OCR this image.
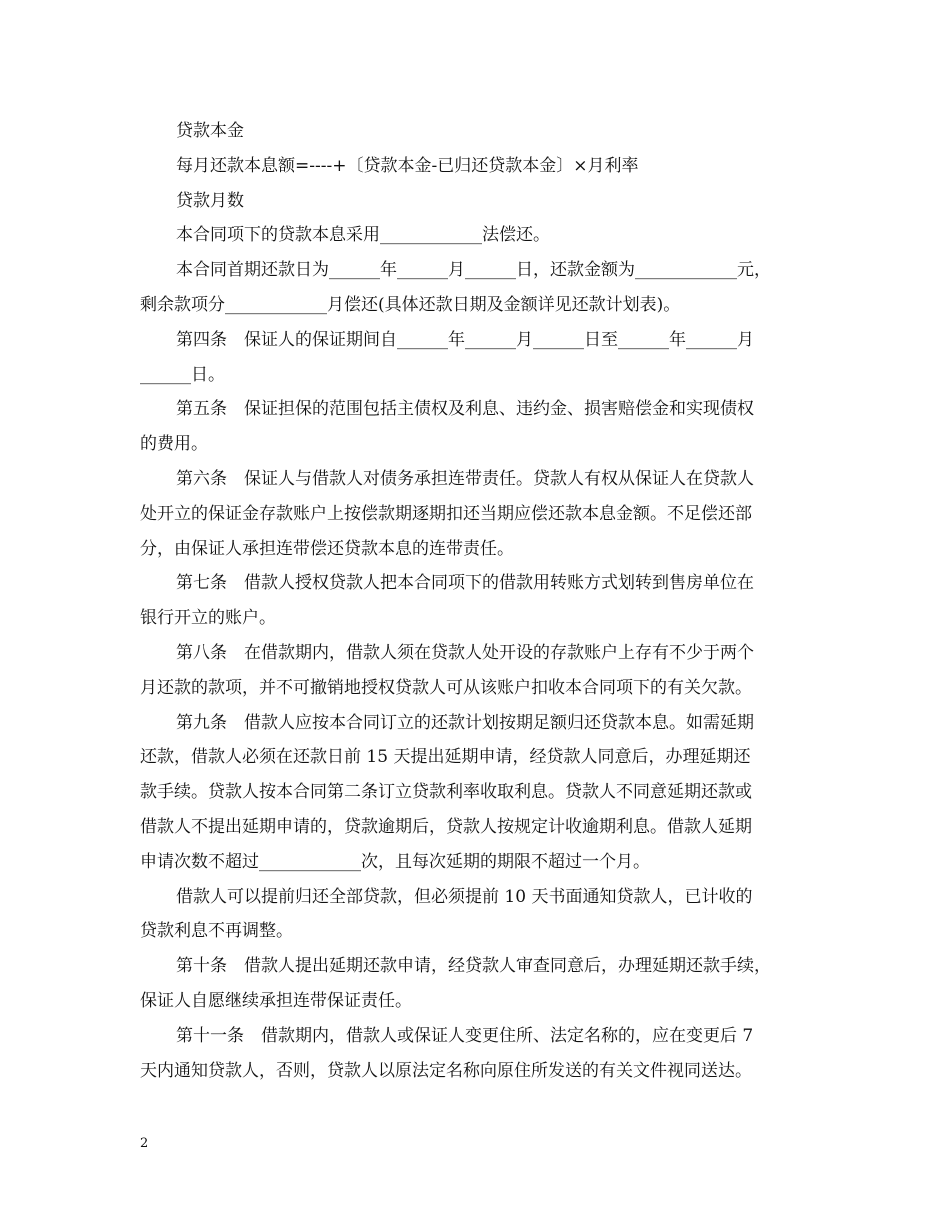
贷款本金
每月还款本息额=----+〔贷款本金-已归还贷款本金〕×月利率
贷款月数
本合同项下的贷款本息采用____________法偿还。
本合同首期还款日为______年______月______日，还款金额为____________元，
剩余款项分____________月偿还(具体还款日期及金额详见还款计划表)。
第四条　保证人的保证期间自______年______月______日至______年______月
______日。
第五条　保证担保的范围包括主债权及利息、违约金、损害赔偿金和实现债权
的费用。
第六条　保证人与借款人对债务承担连带责任。贷款人有权从保证人在贷款人
处开立的保证金存款账户上按偿款期逐期扣还当期应偿还款本息金额。不足偿还部
分，由保证人承担连带偿还贷款本息的连带责任。
第七条　借款人授权贷款人把本合同项下的借款用转账方式划转到售房单位在
银行开立的账户。
第八条　在借款期内，借款人须在贷款人处开设的存款账户上存有不少于两个
月还款的款项，并不可撤销地授权贷款人可从该账户扣收本合同项下的有关欠款。
第九条　借款人应按本合同订立的还款计划按期足额归还贷款本息。如需延期
还款，借款人必须在还款日前 15 天提出延期申请，经贷款人同意后，办理延期还
款手续。贷款人按本合同第二条订立贷款利率收取利息。贷款人不同意延期还款或
借款人不提出延期申请的，贷款逾期后，贷款人按规定计收逾期利息。借款人延期
申请次数不超过____________次，且每次延期的期限不超过一个月。
借款人可以提前归还全部贷款，但必须提前 10 天书面通知贷款人，已计收的
贷款利息不再调整。
第十条　借款人提出延期还款申请，经贷款人审查同意后，办理延期还款手续，
保证人自愿继续承担连带保证责任。
第十一条　借款期内，借款人或保证人变更住所、法定名称的，应在变更后 7
天内通知贷款人，否则，贷款人以原法定名称向原住所发送的有关文件视同送达。
2
